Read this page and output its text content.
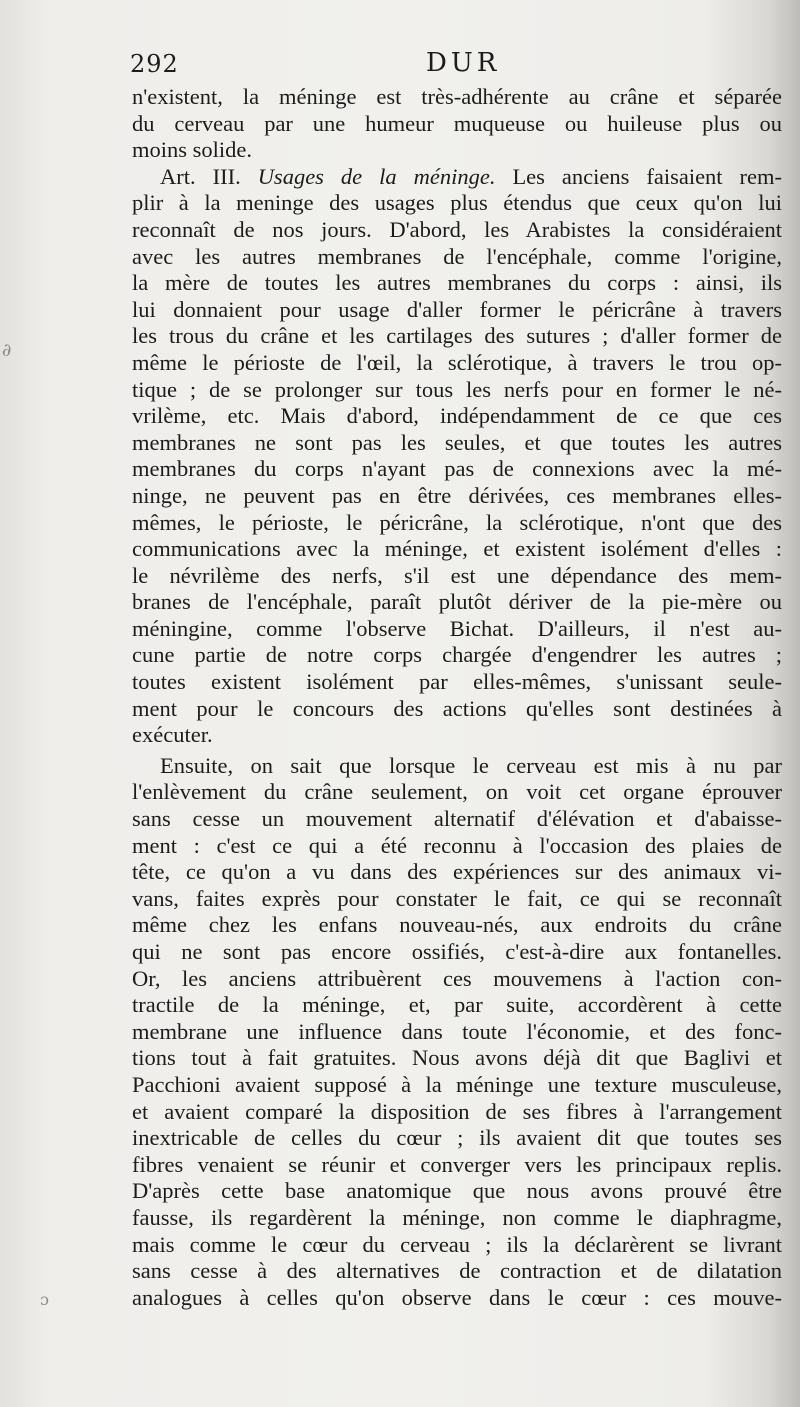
292	DUR
∂
ɔ
n'existent, la méninge est très-adhérente au crâne et séparée
du cerveau par une humeur muqueuse ou huileuse plus ou
moins solide.
Art. III. Usages de la méninge. Les anciens faisaient rem-
plir à la meninge des usages plus étendus que ceux qu'on lui
reconnaît de nos jours. D'abord, les Arabistes la considéraient
avec les autres membranes de l'encéphale, comme l'origine,
la mère de toutes les autres membranes du corps : ainsi, ils
lui donnaient pour usage d'aller former le péricrâne à travers
les trous du crâne et les cartilages des sutures ; d'aller former de
même le périoste de l'œil, la sclérotique, à travers le trou op-
tique ; de se prolonger sur tous les nerfs pour en former le né-
vrilème, etc. Mais d'abord, indépendamment de ce que ces
membranes ne sont pas les seules, et que toutes les autres
membranes du corps n'ayant pas de connexions avec la mé-
ninge, ne peuvent pas en être dérivées, ces membranes elles-
mêmes, le périoste, le péricrâne, la sclérotique, n'ont que des
communications avec la méninge, et existent isolément d'elles :
le névrilème des nerfs, s'il est une dépendance des mem-
branes de l'encéphale, paraît plutôt dériver de la pie-mère ou
méningine, comme l'observe Bichat. D'ailleurs, il n'est au-
cune partie de notre corps chargée d'engendrer les autres ;
toutes existent isolément par elles-mêmes, s'unissant seule-
ment pour le concours des actions qu'elles sont destinées à
exécuter.
Ensuite, on sait que lorsque le cerveau est mis à nu par
l'enlèvement du crâne seulement, on voit cet organe éprouver
sans cesse un mouvement alternatif d'élévation et d'abaisse-
ment : c'est ce qui a été reconnu à l'occasion des plaies de
tête, ce qu'on a vu dans des expériences sur des animaux vi-
vans, faites exprès pour constater le fait, ce qui se reconnaît
même chez les enfans nouveau-nés, aux endroits du crâne
qui ne sont pas encore ossifiés, c'est-à-dire aux fontanelles.
Or, les anciens attribuèrent ces mouvemens à l'action con-
tractile de la méninge, et, par suite, accordèrent à cette
membrane une influence dans toute l'économie, et des fonc-
tions tout à fait gratuites. Nous avons déjà dit que Baglivi et
Pacchioni avaient supposé à la méninge une texture musculeuse,
et avaient comparé la disposition de ses fibres à l'arrangement
inextricable de celles du cœur ; ils avaient dit que toutes ses
fibres venaient se réunir et converger vers les principaux replis.
D'après cette base anatomique que nous avons prouvé être
fausse, ils regardèrent la méninge, non comme le diaphragme,
mais comme le cœur du cerveau ; ils la déclarèrent se livrant
sans cesse à des alternatives de contraction et de dilatation
analogues à celles qu'on observe dans le cœur : ces mouve-
